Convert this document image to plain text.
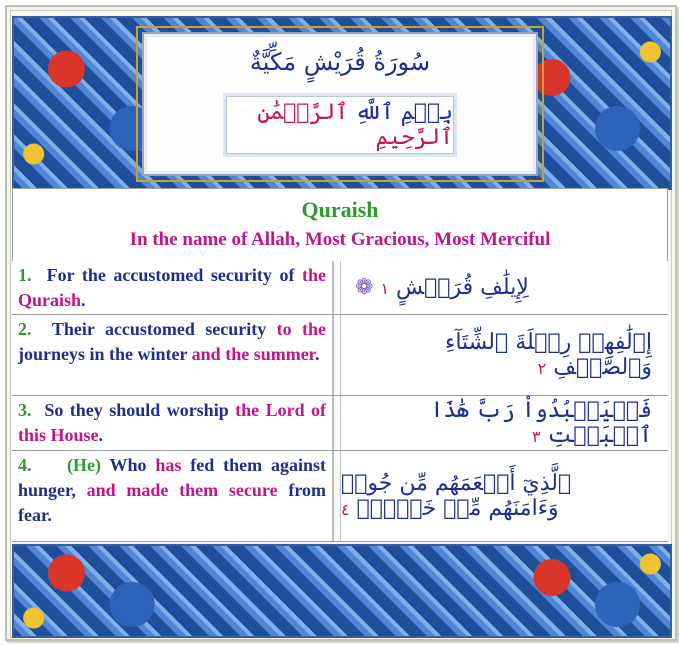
سُورَةُ قُرَيْشٍ مَكِّيَّةٌ
بِسۡمِ ٱللَّهِ ٱلرَّحۡمَٰنِ ٱلرَّحِيمِ
Quraish
In the name of Allah, Most Gracious, Most Merciful
1. For the accustomed security of the Quraish.	لِإِيلَٰفِ قُرَيۡشٍ ١ ❁
2. Their accustomed security to the journeys in the winter and the summer.	إِۦلَٰفِهِمۡ رِحۡلَةَ ٱلشِّتَآءِ وَٱلصَّيۡفِ ٢
3. So they should worship the Lord of this House.
فَلۡيَعۡبُدُواْ رَبَّ هَٰذَا ٱلۡبَيۡتِ ٣
4. (He) Who has fed them against hunger, and made them secure from fear.
ٱلَّذِيٓ أَطۡعَمَهُم مِّن جُوعٖ
وَءَامَنَهُم مِّنۡ خَوۡفِۭ ٤
